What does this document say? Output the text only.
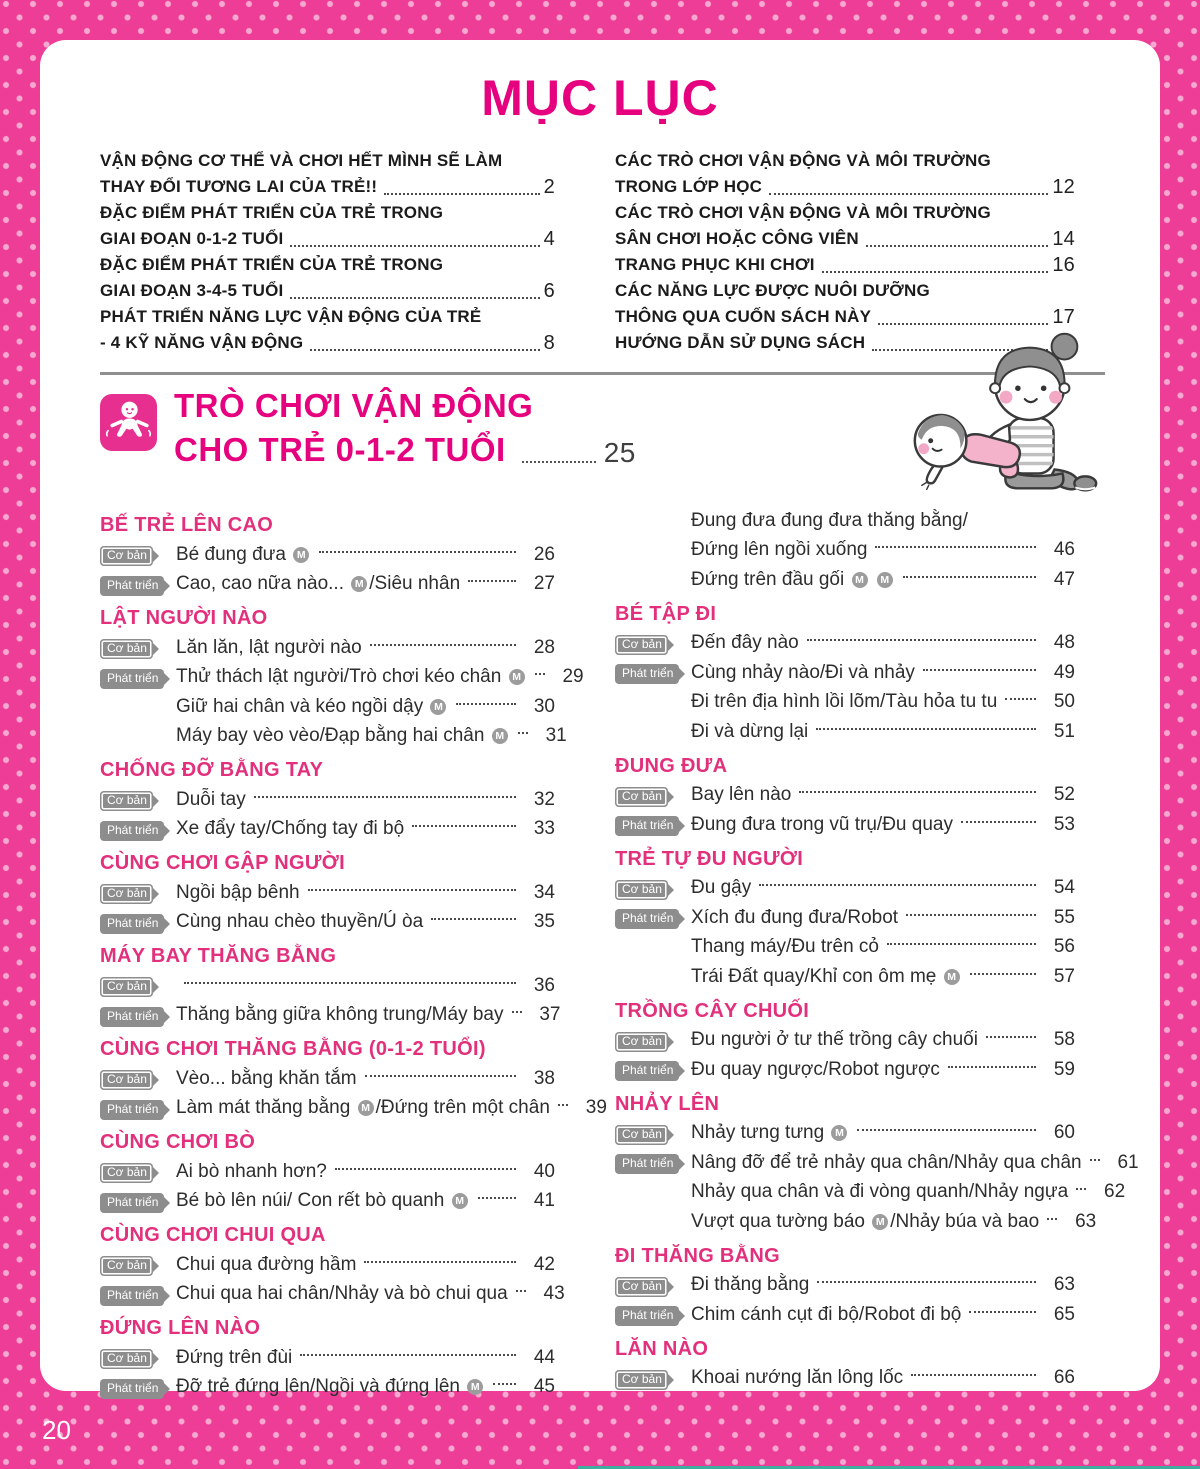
MỤC LỤC
VẬN ĐỘNG CƠ THỂ VÀ CHƠI HẾT MÌNH SẼ LÀM
THAY ĐỔI TƯƠNG LAI CỦA TRẺ!!	2
ĐẶC ĐIỂM PHÁT TRIỂN CỦA TRẺ TRONG
GIAI ĐOẠN 0-1-2 TUỔI	4
ĐẶC ĐIỂM PHÁT TRIỂN CỦA TRẺ TRONG
GIAI ĐOẠN 3-4-5 TUỔI	6
PHÁT TRIỂN NĂNG LỰC VẬN ĐỘNG CỦA TRẺ
- 4 KỸ NĂNG VẬN ĐỘNG	8
CÁC TRÒ CHƠI VẬN ĐỘNG VÀ MÔI TRƯỜNG
TRONG LỚP HỌC	12
CÁC TRÒ CHƠI VẬN ĐỘNG VÀ MÔI TRƯỜNG
SÂN CHƠI HOẶC CÔNG VIÊN	14
TRANG PHỤC KHI CHƠI	16
CÁC NĂNG LỰC ĐƯỢC NUÔI DƯỠNG
THÔNG QUA CUỐN SÁCH NÀY	17
HƯỚNG DẪN SỬ DỤNG SÁCH
TRÒ CHƠI VẬN ĐỘNG
CHO TRẺ 0-1-2 TUỔI	25
BẾ TRẺ LÊN CAO
Cơ bản	Bé đung đưa M	26
Phát triển Cao, cao nữa nào... M /Siêu nhân	27
LẬT NGƯỜI NÀO
Cơ bản	Lăn lăn, lật người nào	28
Phát triển Thử thách lật người/Trò chơi kéo chân M	29
Giữ hai chân và kéo ngồi dậy M	30
Máy bay vèo vèo/Đạp bằng hai chân M	31
CHỐNG ĐỠ BẰNG TAY
Cơ bản	Duỗi tay	32
Phát triển Xe đẩy tay/Chống tay đi bộ	33
CÙNG CHƠI GẬP NGƯỜI
Cơ bản	Ngồi bập bênh	34
Phát triển Cùng nhau chèo thuyền/Ú òa	35
MÁY BAY THĂNG BẰNG
Cơ bản	36
Phát triển Thăng bằng giữa không trung/Máy bay	37
CÙNG CHƠI THĂNG BẰNG (0-1-2 TUỔI)
Cơ bản	Vèo... bằng khăn tắm	38
Phát triển Làm mát thăng bằng M /Đứng trên một chân	39
CÙNG CHƠI BÒ
Cơ bản	Ai bò nhanh hơn?	40
Phát triển Bé bò lên núi/ Con rết bò quanh M	41
CÙNG CHƠI CHUI QUA
Cơ bản	Chui qua đường hầm	42
Phát triển Chui qua hai chân/Nhảy và bò chui qua	43
ĐỨNG LÊN NÀO
Cơ bản	Đứng trên đùi	44
Phát triển Đỡ trẻ đứng lên/Ngồi và đứng lên M	45
Đung đưa đung đưa thăng bằng/
Đứng lên ngồi xuống	46
Đứng trên đầu gối M M	47
BÉ TẬP ĐI
Cơ bản	Đến đây nào	48
Phát triển Cùng nhảy nào/Đi và nhảy	49
Đi trên địa hình lồi lõm/Tàu hỏa tu tu	50
Đi và dừng lại	51
ĐUNG ĐƯA
Cơ bản	Bay lên nào	52
Phát triển Đung đưa trong vũ trụ/Đu quay	53
TRẺ TỰ ĐU NGƯỜI
Cơ bản	Đu gậy	54
Phát triển Xích đu đung đưa/Robot	55
Thang máy/Đu trên cỏ	56
Trái Đất quay/Khỉ con ôm mẹ M	57
TRỒNG CÂY CHUỐI
Cơ bản	Đu người ở tư thế trồng cây chuối	58
Phát triển Đu quay ngược/Robot ngược	59
NHẢY LÊN
Cơ bản	Nhảy tưng tưng M	60
Phát triển Nâng đỡ để trẻ nhảy qua chân/Nhảy qua chân	61
Nhảy qua chân và đi vòng quanh/Nhảy ngựa	62
Vượt qua tường báo M /Nhảy búa và bao	63
ĐI THĂNG BẰNG
Cơ bản	Đi thăng bằng	63
Phát triển Chim cánh cụt đi bộ/Robot đi bộ	65
LĂN NÀO
Cơ bản	Khoai nướng lăn lông lốc	66
20
